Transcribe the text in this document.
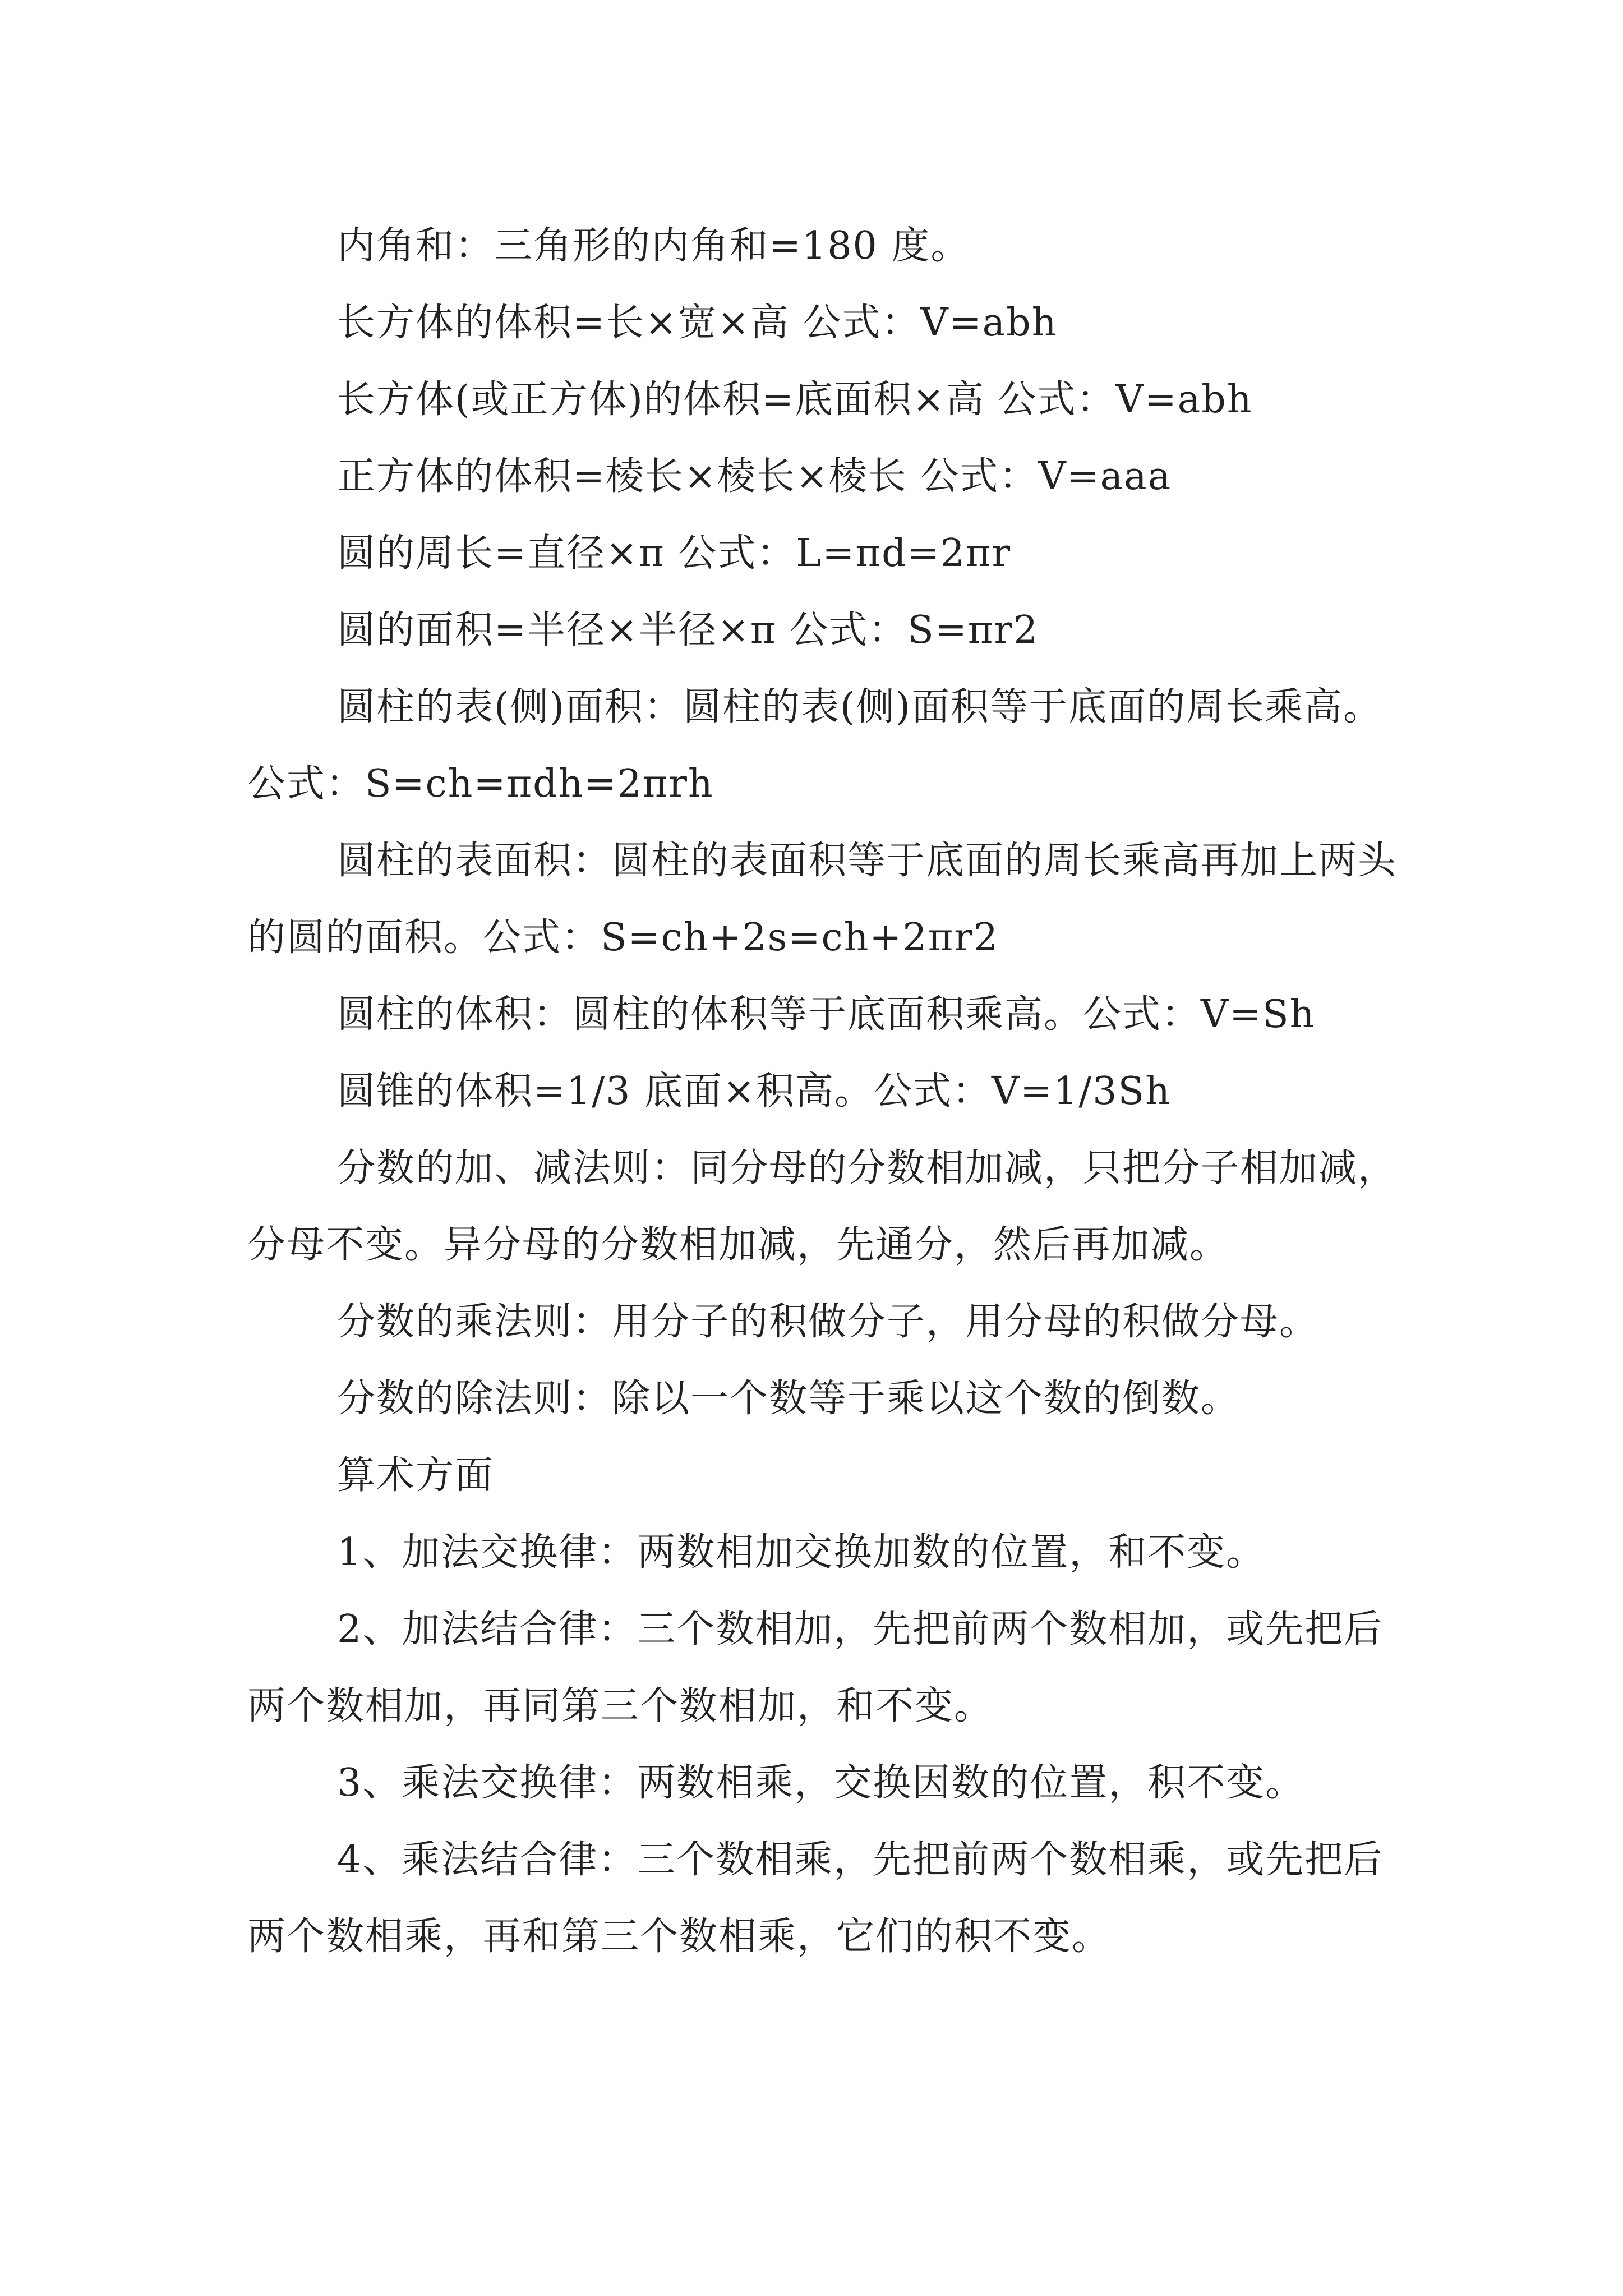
内角和：三角形的内角和=180 度。

长方体的体积=长×宽×高 公式：V=abh

长方体(或正方体)的体积=底面积×高 公式：V=abh

正方体的体积=棱长×棱长×棱长 公式：V=aaa

圆的周长=直径×π 公式：L=πd=2πr

圆的面积=半径×半径×π 公式：S=πr2

圆柱的表(侧)面积：圆柱的表(侧)面积等于底面的周长乘高。公式：S=ch=πdh=2πrh

圆柱的表面积：圆柱的表面积等于底面的周长乘高再加上两头的圆的面积。公式：S=ch+2s=ch+2πr2

圆柱的体积：圆柱的体积等于底面积乘高。公式：V=Sh

圆锥的体积=1/3 底面×积高。公式：V=1/3Sh

分数的加、减法则：同分母的分数相加减，只把分子相加减，分母不变。异分母的分数相加减，先通分，然后再加减。

分数的乘法则：用分子的积做分子，用分母的积做分母。

分数的除法则：除以一个数等于乘以这个数的倒数。

算术方面

1、加法交换律：两数相加交换加数的位置，和不变。

2、加法结合律：三个数相加，先把前两个数相加，或先把后两个数相加，再同第三个数相加，和不变。

3、乘法交换律：两数相乘，交换因数的位置，积不变。

4、乘法结合律：三个数相乘，先把前两个数相乘，或先把后两个数相乘，再和第三个数相乘，它们的积不变。
